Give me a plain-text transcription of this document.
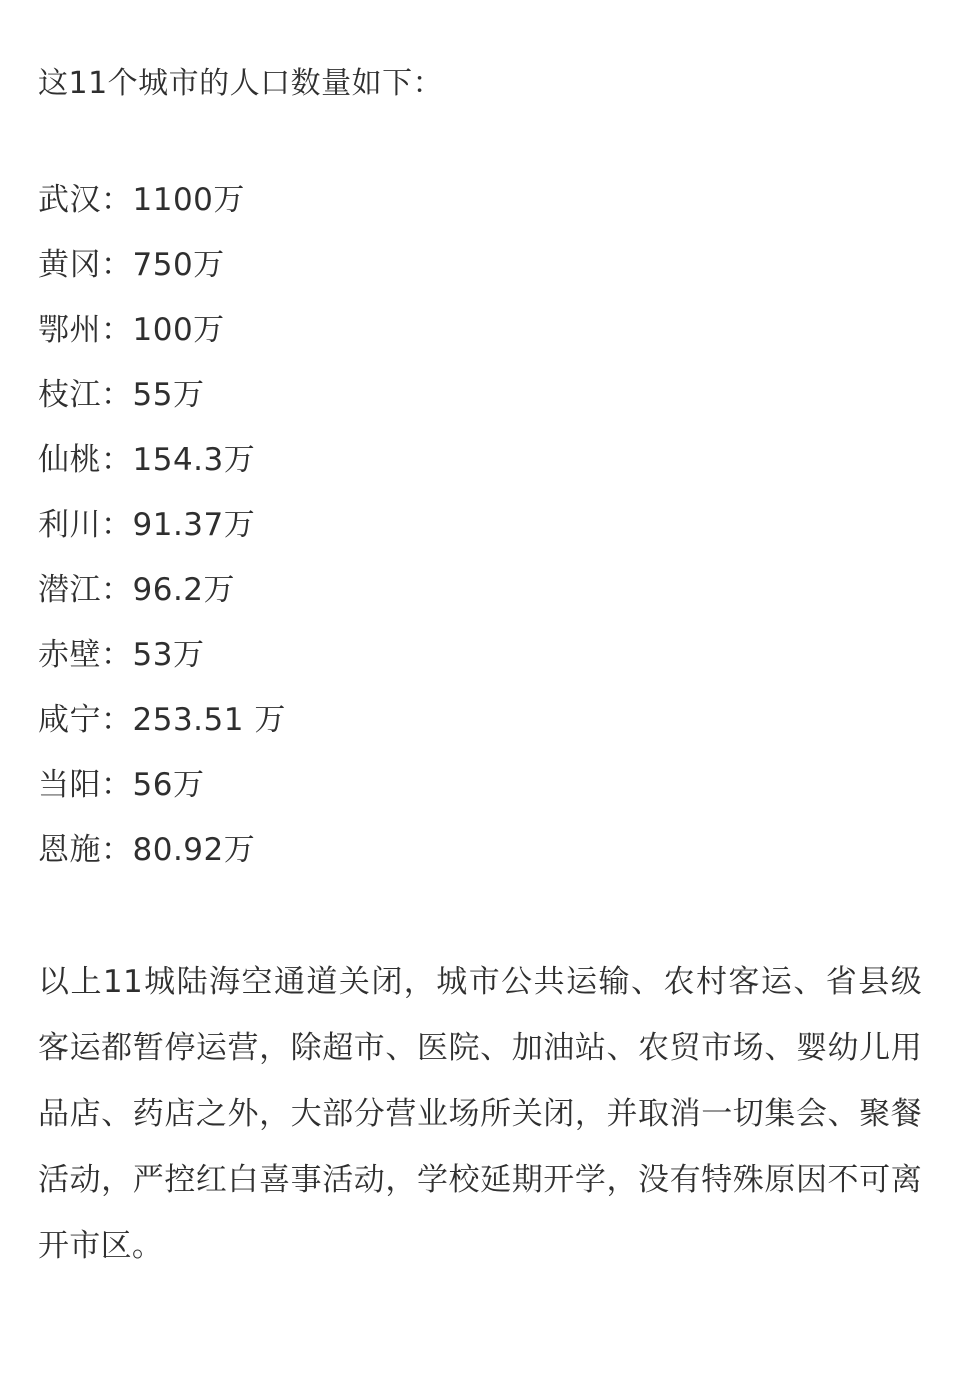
这11个城市的人口数量如下：

武汉：1100万
黄冈：750万
鄂州：100万
枝江：55万
仙桃：154.3万
利川：91.37万
潜江：96.2万
赤壁：53万
咸宁：253.51 万
当阳：56万
恩施：80.92万

以上11城陆海空通道关闭，城市公共运输、农村客运、省县级客运都暂停运营，除超市、医院、加油站、农贸市场、婴幼儿用品店、药店之外，大部分营业场所关闭，并取消一切集会、聚餐活动，严控红白喜事活动，学校延期开学，没有特殊原因不可离开市区。
